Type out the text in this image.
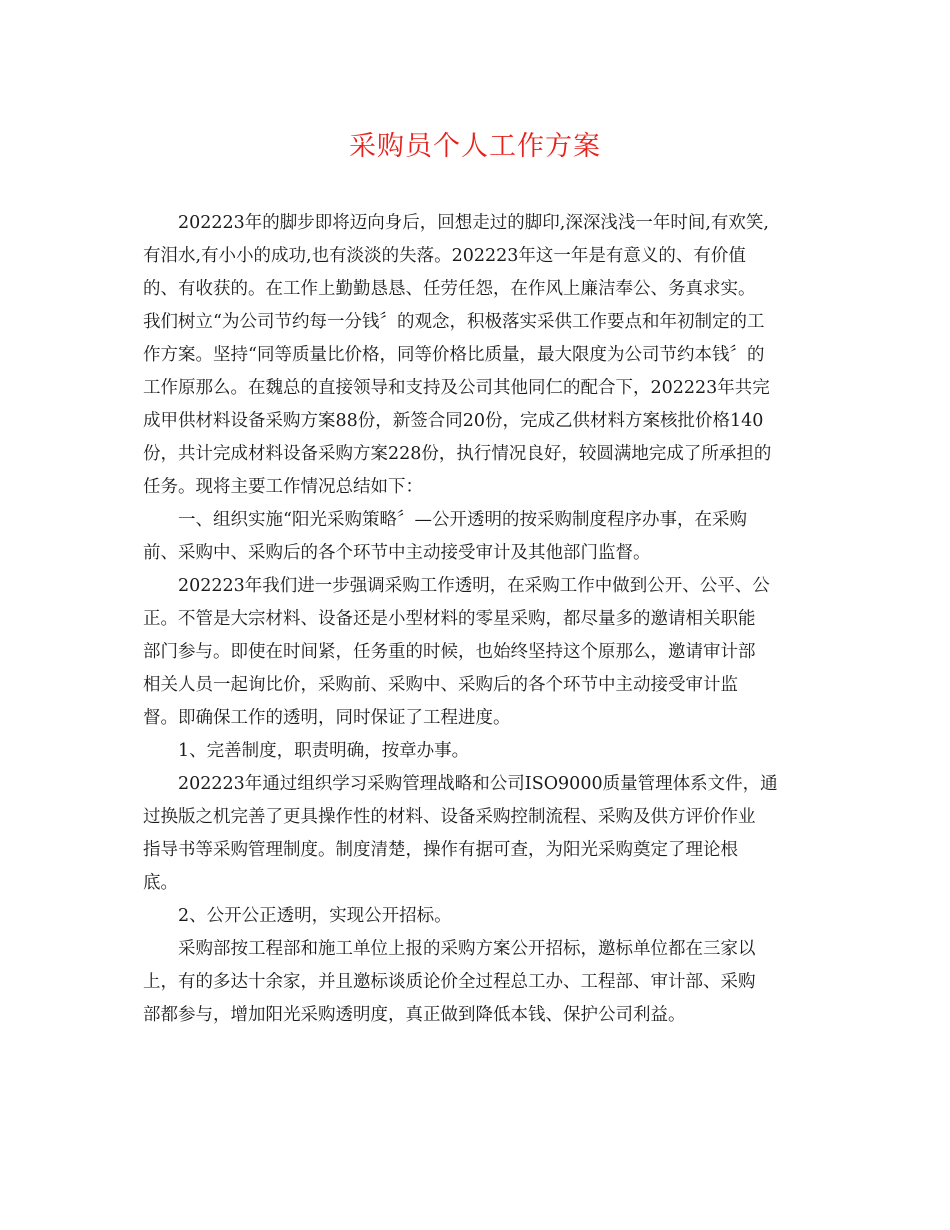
采购员个人工作方案
202223年的脚步即将迈向身后，回想走过的脚印,深深浅浅一年时间,有欢笑,
有泪水,有小小的成功,也有淡淡的失落。202223年这一年是有意义的、有价值
的、有收获的。在工作上勤勤恳恳、任劳任怨，在作风上廉洁奉公、务真求实。
我们树立“为公司节约每一分钱〞的观念，积极落实采供工作要点和年初制定的工
作方案。坚持“同等质量比价格，同等价格比质量，最大限度为公司节约本钱〞的
工作原那么。在魏总的直接领导和支持及公司其他同仁的配合下，202223年共完
成甲供材料设备采购方案88份，新签合同20份，完成乙供材料方案核批价格140
份，共计完成材料设备采购方案228份，执行情况良好，较圆满地完成了所承担的
任务。现将主要工作情况总结如下：
一、组织实施“阳光采购策略〞—公开透明的按采购制度程序办事，在采购
前、采购中、采购后的各个环节中主动接受审计及其他部门监督。
202223年我们进一步强调采购工作透明，在采购工作中做到公开、公平、公
正。不管是大宗材料、设备还是小型材料的零星采购，都尽量多的邀请相关职能
部门参与。即使在时间紧，任务重的时候，也始终坚持这个原那么，邀请审计部
相关人员一起询比价，采购前、采购中、采购后的各个环节中主动接受审计监
督。即确保工作的透明，同时保证了工程进度。
1、完善制度，职责明确，按章办事。
202223年通过组织学习采购管理战略和公司ISO9000质量管理体系文件，通
过换版之机完善了更具操作性的材料、设备采购控制流程、采购及供方评价作业
指导书等采购管理制度。制度清楚，操作有据可查，为阳光采购奠定了理论根
底。
2、公开公正透明，实现公开招标。
采购部按工程部和施工单位上报的采购方案公开招标，邀标单位都在三家以
上，有的多达十余家，并且邀标谈质论价全过程总工办、工程部、审计部、采购
部都参与，增加阳光采购透明度，真正做到降低本钱、保护公司利益。
